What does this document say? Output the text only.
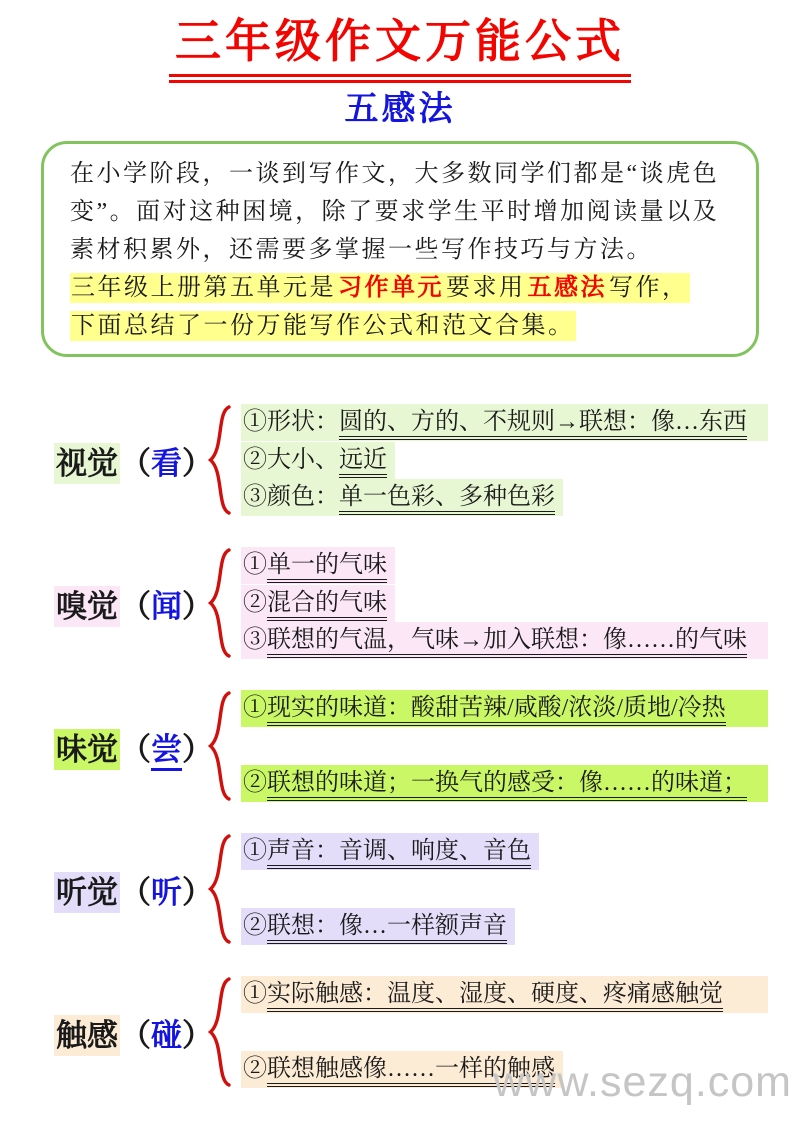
三年级作文万能公式
五感法

在小学阶段，一谈到写作文，大多数同学们都是“谈虎色
变”。面对这种困境，除了要求学生平时增加阅读量以及
素材积累外，还需要多掌握一些写作技巧与方法。

三年级上册第五单元是习作单元要求用五感法写作，
下面总结了一份万能写作公式和范文合集。

视觉（看）
①形状：圆的、方的、不规则→联想：像…东西
②大小、远近
③颜色：单一色彩、多种色彩
嗅觉（闻）
①单一的气味
②混合的气味
③联想的气温，气味→加入联想：像……的气味
味觉（尝）
①现实的味道：酸甜苦辣/咸酸/浓淡/质地/冷热
②联想的味道；一换气的感受：像……的味道；
听觉（听）
①声音：音调、响度、音色
②联想：像…一样额声音
触感（碰）
①实际触感：温度、湿度、硬度、疼痛感触觉
②联想触感像……一样的触感
www.sezq.com
